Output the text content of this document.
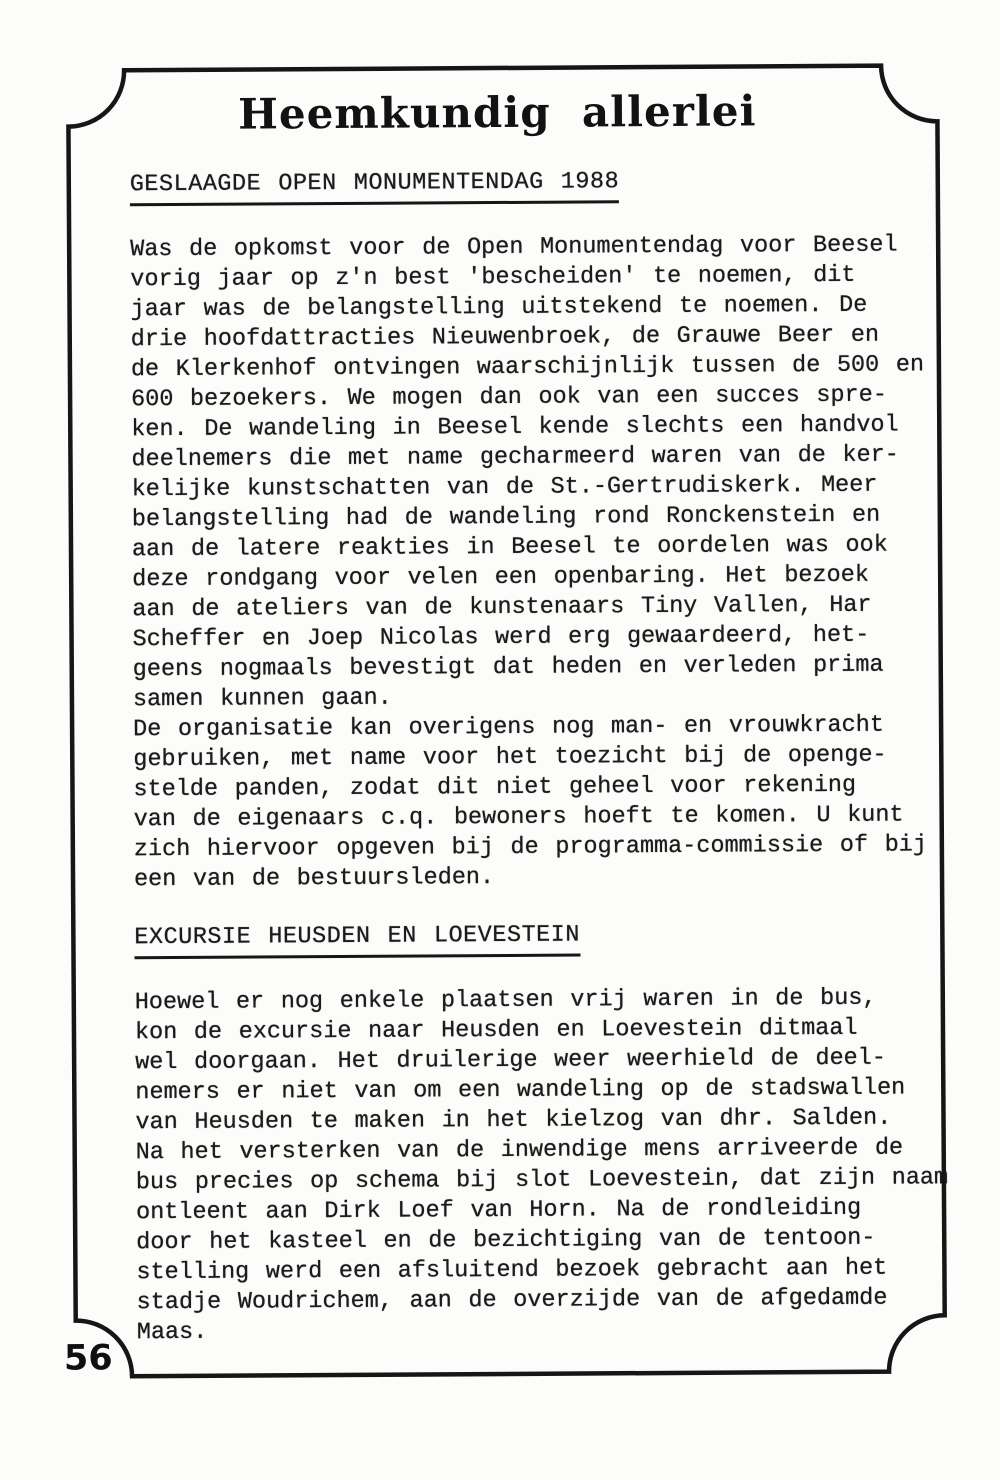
Heemkundig  allerlei
GESLAAGDE OPEN MONUMENTENDAG 1988
Was de opkomst voor de Open Monumentendag voor Beesel
vorig jaar op z'n best 'bescheiden' te noemen, dit
jaar was de belangstelling uitstekend te noemen. De
drie hoofdattracties Nieuwenbroek, de Grauwe Beer en
de Klerkenhof ontvingen waarschijnlijk tussen de 500 en
600 bezoekers. We mogen dan ook van een succes spre-
ken. De wandeling in Beesel kende slechts een handvol
deelnemers die met name gecharmeerd waren van de ker-
kelijke kunstschatten van de St.-Gertrudiskerk. Meer
belangstelling had de wandeling rond Ronckenstein en
aan de latere reakties in Beesel te oordelen was ook
deze rondgang voor velen een openbaring. Het bezoek
aan de ateliers van de kunstenaars Tiny Vallen, Har
Scheffer en Joep Nicolas werd erg gewaardeerd, het-
geens nogmaals bevestigt dat heden en verleden prima
samen kunnen gaan.
De organisatie kan overigens nog man- en vrouwkracht
gebruiken, met name voor het toezicht bij de openge-
stelde panden, zodat dit niet geheel voor rekening
van de eigenaars c.q. bewoners hoeft te komen. U kunt
zich hiervoor opgeven bij de programma-commissie of bij
een van de bestuursleden.
EXCURSIE HEUSDEN EN LOEVESTEIN
Hoewel er nog enkele plaatsen vrij waren in de bus,
kon de excursie naar Heusden en Loevestein ditmaal
wel doorgaan. Het druilerige weer weerhield de deel-
nemers er niet van om een wandeling op de stadswallen
van Heusden te maken in het kielzog van dhr. Salden.
Na het versterken van de inwendige mens arriveerde de
bus precies op schema bij slot Loevestein, dat zijn naam
ontleent aan Dirk Loef van Horn. Na de rondleiding
door het kasteel en de bezichtiging van de tentoon-
stelling werd een afsluitend bezoek gebracht aan het
stadje Woudrichem, aan de overzijde van de afgedamde
Maas.
56
